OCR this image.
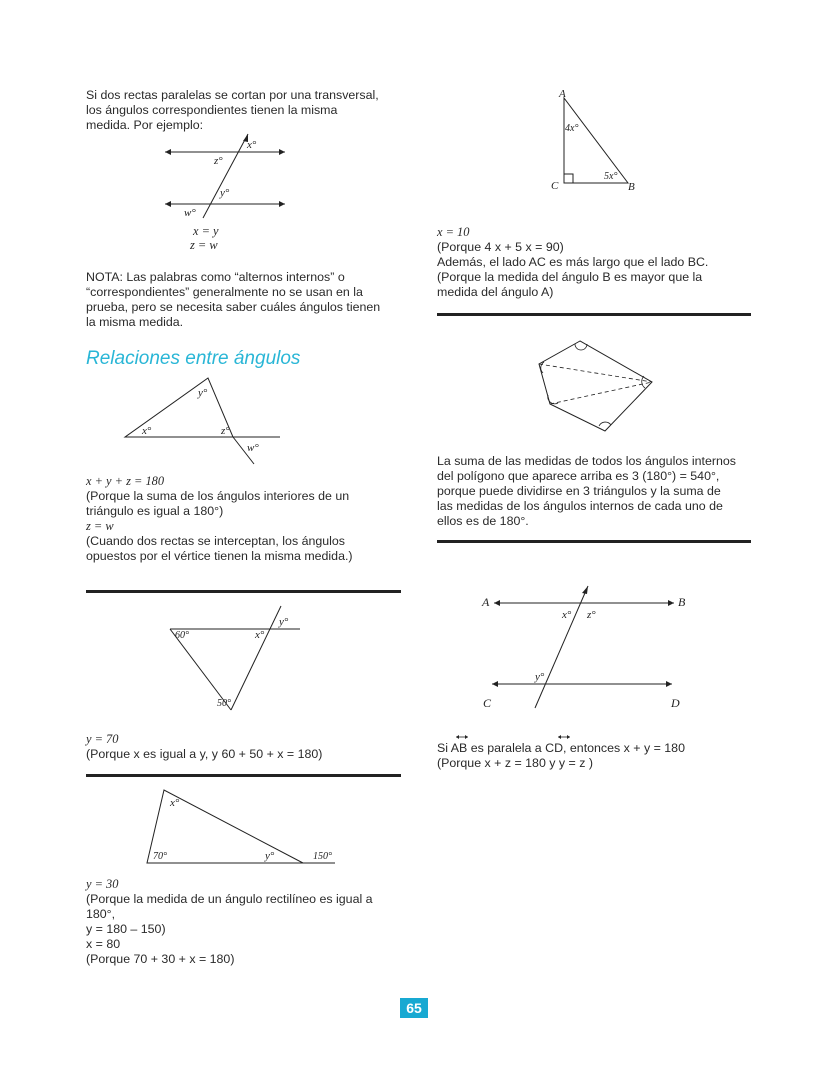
Si dos rectas paralelas se cortan por una transversal,
los ángulos correspondientes tienen la misma
medida. Por ejemplo:
x°
z°
y°
w°
x = y
z = w
NOTA: Las palabras como “alternos internos” o
“correspondientes” generalmente no se usan en la
prueba, pero se necesita saber cuáles ángulos tienen
la misma medida.
Relaciones entre ángulos
y°
x°	z°
w°
x + y + z = 180
(Porque la suma de los ángulos interiores de un
triángulo es igual a 180°)
z = w
(Cuando dos rectas se interceptan, los ángulos
opuestos por el vértice tienen la misma medida.)
60°	x°
y°
50°
y = 70
(Porque x es igual a y, y 60 + 50 + x = 180)
x°
70°	y°	150°
y = 30
(Porque la medida de un ángulo rectilíneo es igual a
180°,
y = 180 – 150)
x = 80
(Porque 70 + 30 + x = 180)
A
4x°
C
5x°
B
x = 10
(Porque 4 x + 5 x = 90)
Además, el lado AC es más largo que el lado BC.
(Porque la medida del ángulo B es mayor que la
medida del ángulo A)
La suma de las medidas de todos los ángulos internos
del polígono que aparece arriba es 3 (180°) = 540°,
porque puede dividirse en 3 triángulos y la suma de
las medidas de los ángulos internos de cada uno de
ellos es de 180°.
A	B
C	D
x° z°
y°
Si AB es paralela a CD, entonces x + y = 180
(Porque x + z = 180 y y = z )
65
